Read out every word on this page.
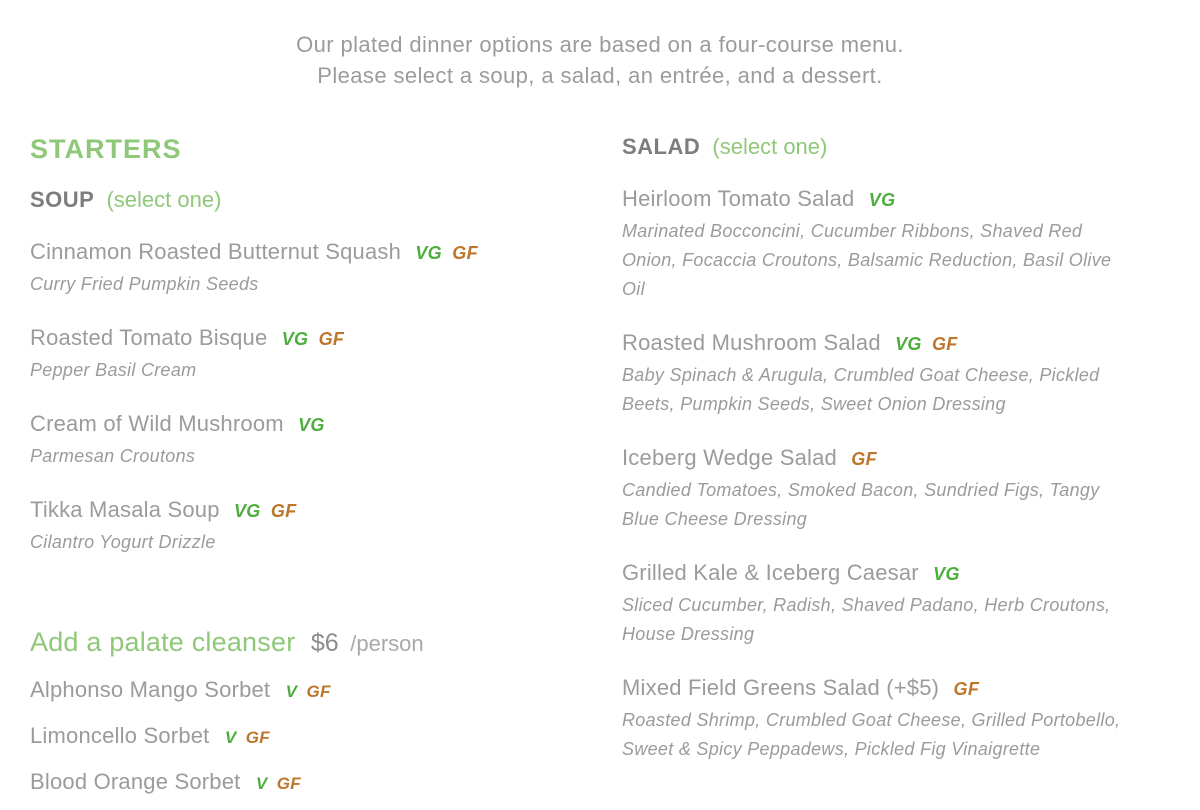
Our plated dinner options are based on a four-course menu.
Please select a soup, a salad, an entrée, and a dessert.
STARTERS
SOUP (select one)
Cinnamon Roasted Butternut Squash VG GF
Curry Fried Pumpkin Seeds
Roasted Tomato Bisque VG GF
Pepper Basil Cream
Cream of Wild Mushroom VG
Parmesan Croutons
Tikka Masala Soup VG GF
Cilantro Yogurt Drizzle
Add a palate cleanser $6 /person
Alphonso Mango Sorbet V GF
Limoncello Sorbet V GF
Blood Orange Sorbet V GF
SALAD (select one)
Heirloom Tomato Salad VG
Marinated Bocconcini, Cucumber Ribbons, Shaved Red Onion, Focaccia Croutons, Balsamic Reduction, Basil Olive Oil
Roasted Mushroom Salad VG GF
Baby Spinach & Arugula, Crumbled Goat Cheese, Pickled Beets, Pumpkin Seeds, Sweet Onion Dressing
Iceberg Wedge Salad GF
Candied Tomatoes, Smoked Bacon, Sundried Figs, Tangy Blue Cheese Dressing
Grilled Kale & Iceberg Caesar VG
Sliced Cucumber, Radish, Shaved Padano, Herb Croutons, House Dressing
Mixed Field Greens Salad (+$5) GF
Roasted Shrimp, Crumbled Goat Cheese, Grilled Portobello, Sweet & Spicy Peppadews, Pickled Fig Vinaigrette
